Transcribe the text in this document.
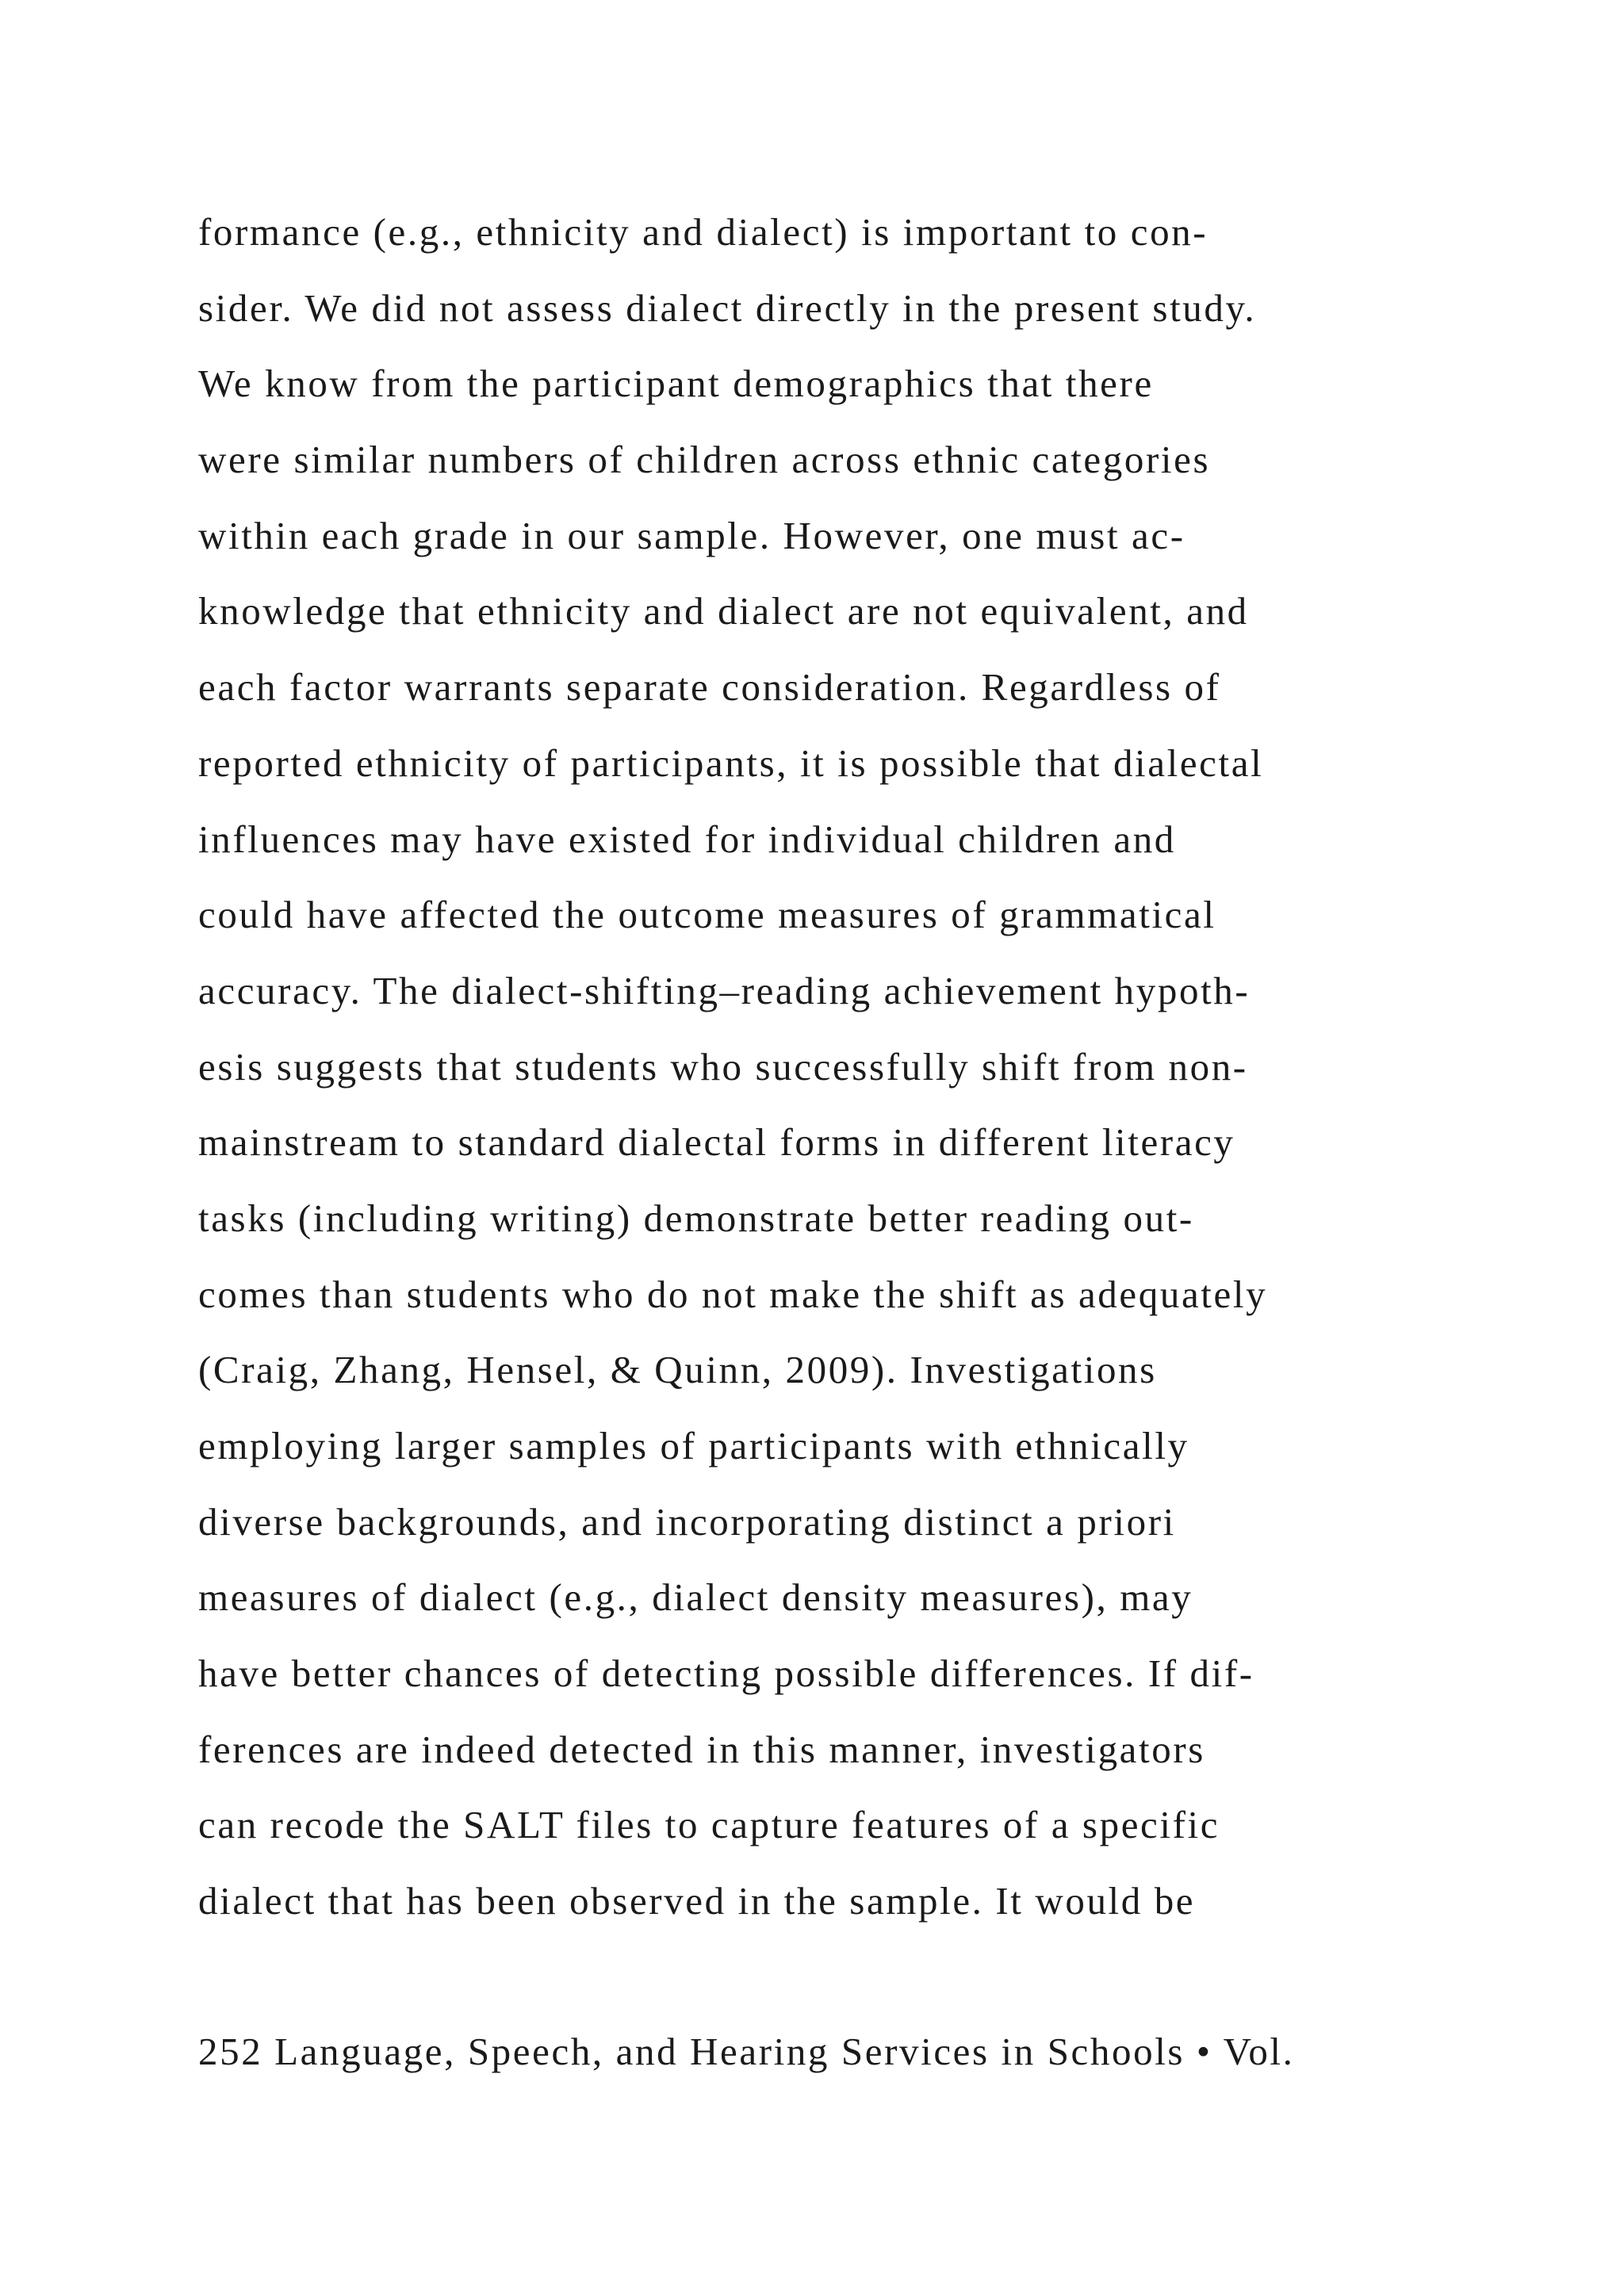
formance (e.g., ethnicity and dialect) is important to con-
sider. We did not assess dialect directly in the present study.
We know from the participant demographics that there
were similar numbers of children across ethnic categories
within each grade in our sample. However, one must ac-
knowledge that ethnicity and dialect are not equivalent, and
each factor warrants separate consideration. Regardless of
reported ethnicity of participants, it is possible that dialectal
influences may have existed for individual children and
could have affected the outcome measures of grammatical
accuracy. The dialect-shifting–reading achievement hypoth-
esis suggests that students who successfully shift from non-
mainstream to standard dialectal forms in different literacy
tasks (including writing) demonstrate better reading out-
comes than students who do not make the shift as adequately
(Craig, Zhang, Hensel, & Quinn, 2009). Investigations
employing larger samples of participants with ethnically
diverse backgrounds, and incorporating distinct a priori
measures of dialect (e.g., dialect density measures), may
have better chances of detecting possible differences. If dif-
ferences are indeed detected in this manner, investigators
can recode the SALT files to capture features of a specific
dialect that has been observed in the sample. It would be
252 Language, Speech, and Hearing Services in Schools • Vol.
